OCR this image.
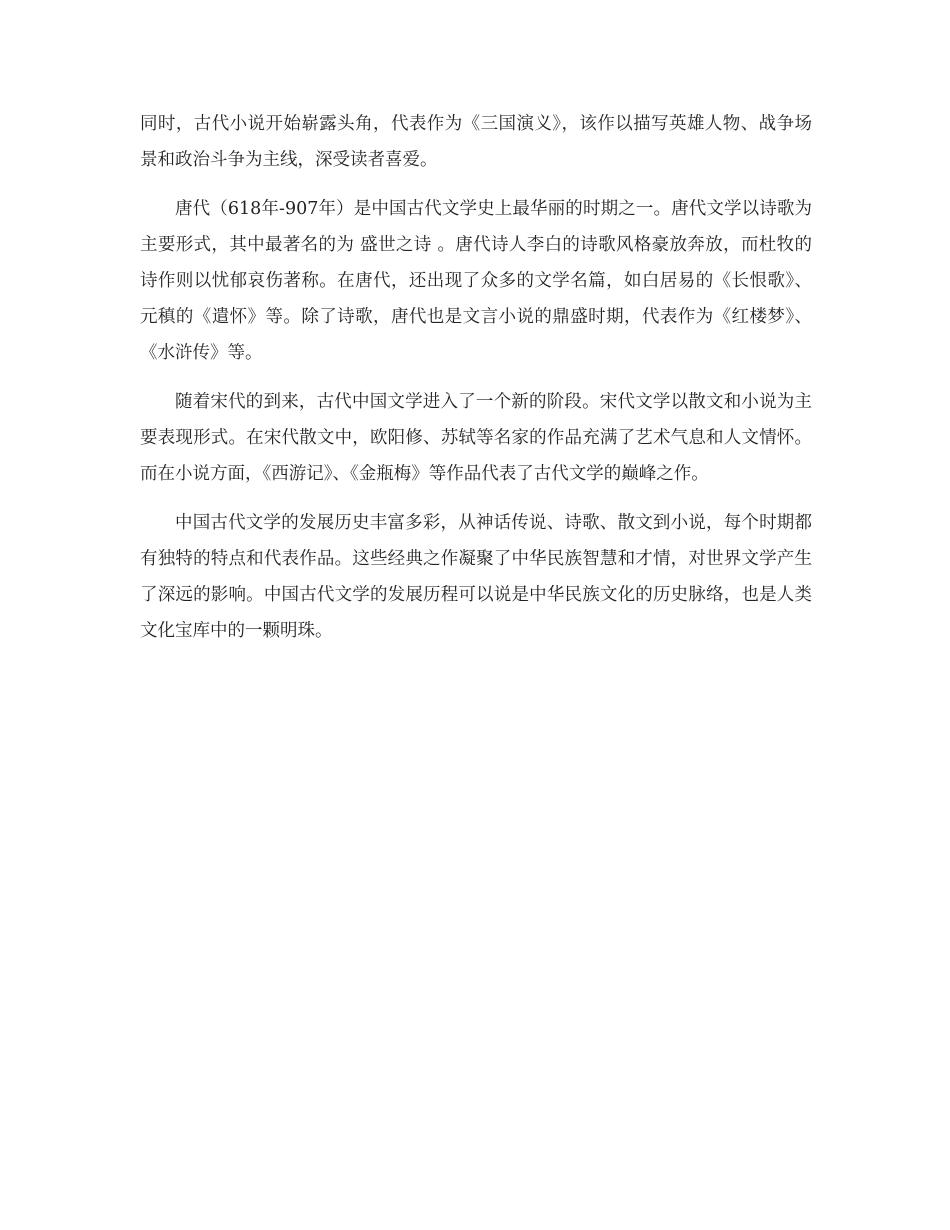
同时，古代小说开始崭露头角，代表作为《三国演义》，该作以描写英雄人物、战争场景和政治斗争为主线，深受读者喜爱。

唐代（618年-907年）是中国古代文学史上最华丽的时期之一。唐代文学以诗歌为主要形式，其中最著名的为 盛世之诗 。唐代诗人李白的诗歌风格豪放奔放，而杜牧的诗作则以忧郁哀伤著称。在唐代，还出现了众多的文学名篇，如白居易的《长恨歌》、元稹的《遣怀》等。除了诗歌，唐代也是文言小说的鼎盛时期，代表作为《红楼梦》、《水浒传》等。

随着宋代的到来，古代中国文学进入了一个新的阶段。宋代文学以散文和小说为主要表现形式。在宋代散文中，欧阳修、苏轼等名家的作品充满了艺术气息和人文情怀。而在小说方面，《西游记》、《金瓶梅》等作品代表了古代文学的巅峰之作。

中国古代文学的发展历史丰富多彩，从神话传说、诗歌、散文到小说，每个时期都有独特的特点和代表作品。这些经典之作凝聚了中华民族智慧和才情，对世界文学产生了深远的影响。中国古代文学的发展历程可以说是中华民族文化的历史脉络，也是人类文化宝库中的一颗明珠。
